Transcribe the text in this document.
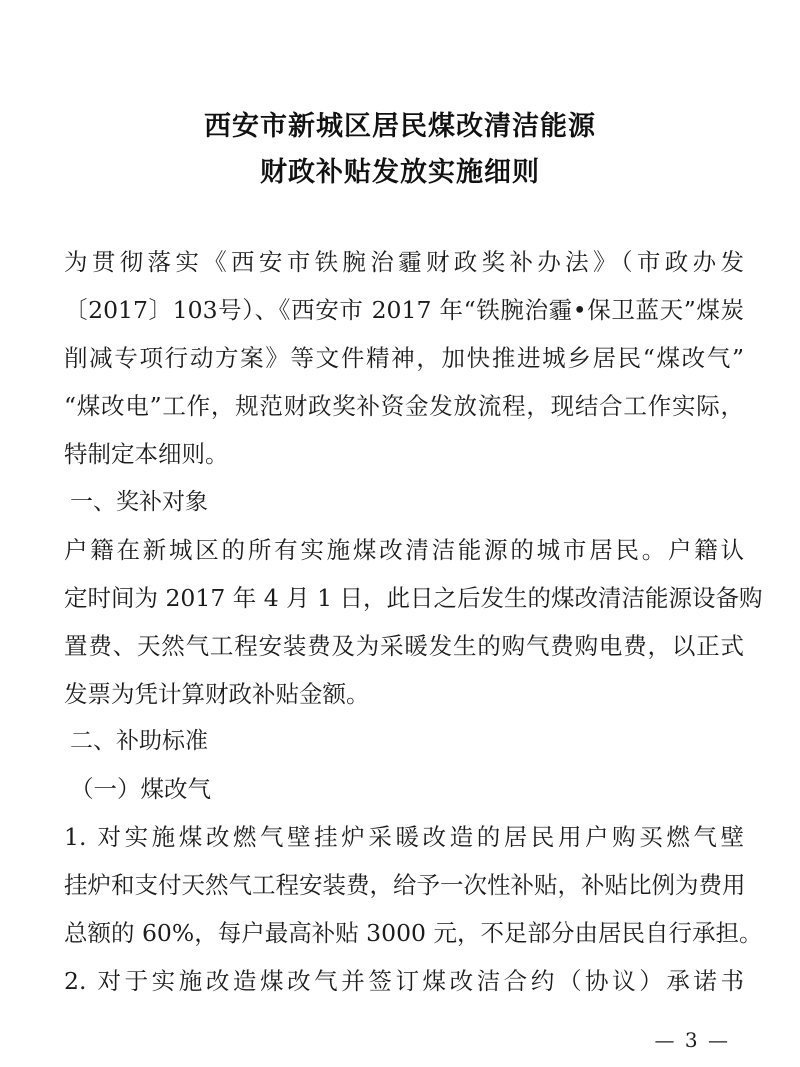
西安市新城区居民煤改清洁能源
财政补贴发放实施细则
为贯彻落实《西安市铁腕治霾财政奖补办法》（市政办发
〔2017〕103号）、《西安市 2017 年“铁腕治霾•保卫蓝天”煤炭
削减专项行动方案》等文件精神，加快推进城乡居民“煤改气”
“煤改电”工作，规范财政奖补资金发放流程，现结合工作实际，
特制定本细则。
一、奖补对象
户籍在新城区的所有实施煤改清洁能源的城市居民。户籍认
定时间为 2017 年 4 月 1 日，此日之后发生的煤改清洁能源设备购
置费、天然气工程安装费及为采暖发生的购气费购电费，以正式
发票为凭计算财政补贴金额。
二、补助标准
（一）煤改气
1. 对实施煤改燃气壁挂炉采暖改造的居民用户购买燃气壁
挂炉和支付天然气工程安装费，给予一次性补贴，补贴比例为费用
总额的 60%，每户最高补贴 3000 元，不足部分由居民自行承担。
2. 对于实施改造煤改气并签订煤改洁合约（协议）承诺书
— 3 —
